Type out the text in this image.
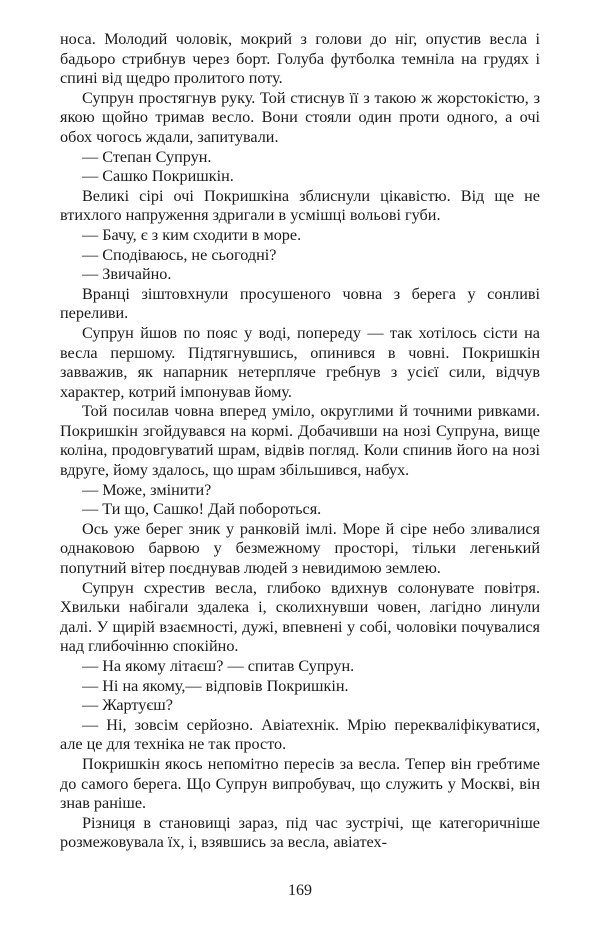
носа. Молодий чоловік, мокрий з голови до ніг, опустив весла і бадьоро стрибнув через борт. Голуба футболка темніла на грудях і спині від щедро пролитого поту.

Супрун простягнув руку. Той стиснув її з такою ж жорстокістю, з якою щойно тримав весло. Вони стояли один проти одного, а очі обох чогось ждали, запитували.

— Степан Супрун.

— Сашко Покришкін.

Великі сірі очі Покришкіна зблиснули цікавістю. Від ще не втихлого напруження здригали в усмішці вольові губи.

— Бачу, є з ким сходити в море.

— Сподіваюсь, не сьогодні?

— Звичайно.

Вранці зіштовхнули просушеного човна з берега у сонливі переливи.

Супрун йшов по пояс у воді, попереду — так хотілось сісти на весла першому. Підтягнувшись, опинився в човні. Покришкін завважив, як напарник нетерпляче гребнув з усієї сили, відчув характер, котрий імпонував йому.

Той посилав човна вперед уміло, округлими й точними ривками. Покришкін згойдувався на кормі. Добачивши на нозі Супруна, вище коліна, продовгуватий шрам, відвів погляд. Коли спинив його на нозі вдруге, йому здалось, що шрам збільшився, набух.

— Може, змінити?

— Ти що, Сашко! Дай побороться.

Ось уже берег зник у ранковій імлі. Море й сіре небо зливалися однаковою барвою у безмежному просторі, тільки легенький попутний вітер поєднував людей з невидимою землею.

Супрун схрестив весла, глибоко вдихнув солонувате повітря. Хвильки набігали здалека і, сколихнувши човен, лагідно линули далі. У щирій взаємності, дужі, впевнені у собі, чоловіки почувалися над глибочінню спокійно.

— На якому літаєш? — спитав Супрун.

— Ні на якому,— відповів Покришкін.

— Жартуєш?

— Ні, зовсім серйозно. Авіатехнік. Мрію перекваліфікуватися, але це для техніка не так просто.

Покришкін якось непомітно пересів за весла. Тепер він гребтиме до самого берега. Що Супрун випробувач, що служить у Москві, він знав раніше.

Різниця в становищі зараз, під час зустрічі, ще категоричніше розмежовувала їх, і, взявшись за весла, авіатех-

169
